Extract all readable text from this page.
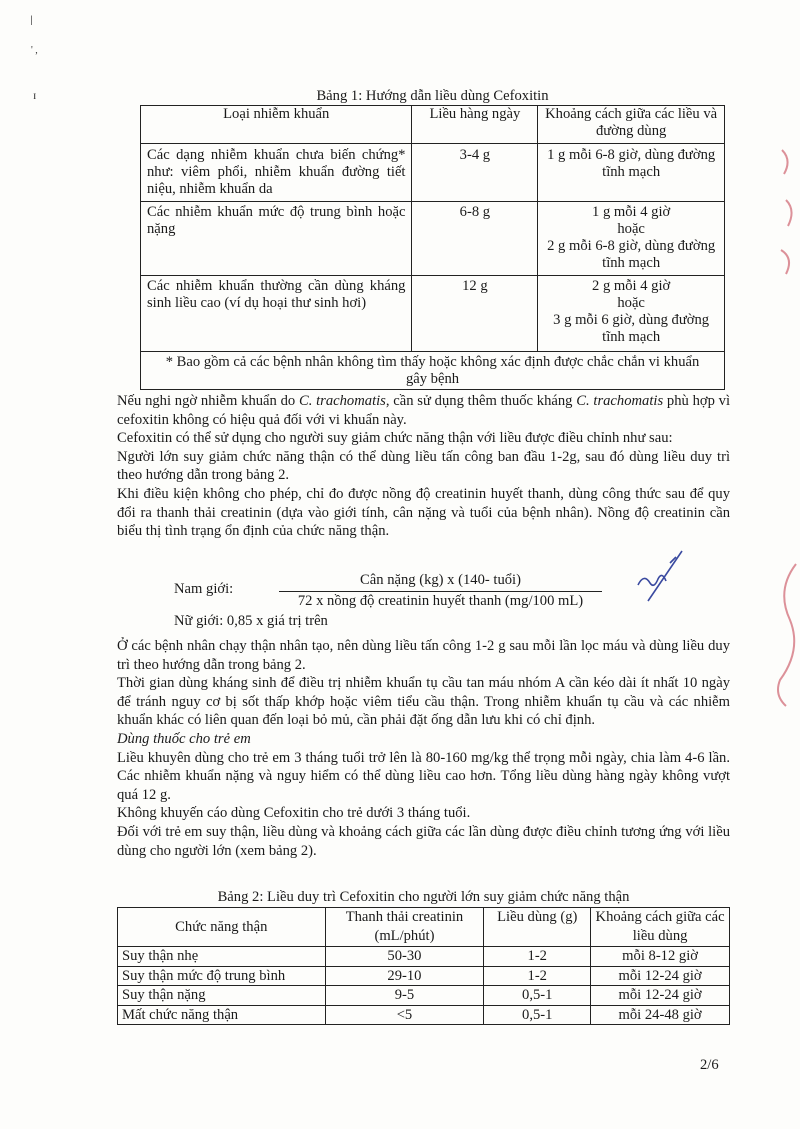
ǀ
' ,
ɪ	Bảng 1: Hướng dẫn liều dùng Cefoxitin
Loại nhiễm khuẩn	Liều hàng ngày	Khoảng cách giữa các liều và đường dùng
Các dạng nhiễm khuẩn chưa biến chứng* như: viêm phổi, nhiễm khuẩn đường tiết niệu, nhiễm khuẩn da	3-4 g	1 g mỗi 6-8 giờ, dùng đường tĩnh mạch
Các nhiễm khuẩn mức độ trung bình hoặc nặng	6-8 g	1 g mỗi 4 giờ
hoặc
2 g mỗi 6-8 giờ, dùng đường tĩnh mạch

Các nhiễm khuẩn thường cần dùng kháng sinh liều cao (ví dụ hoại thư sinh hơi)	12 g	2 g mỗi 4 giờ
hoặc
3 g mỗi 6 giờ, dùng đường tĩnh mạch

* Bao gồm cả các bệnh nhân không tìm thấy hoặc không xác định được chắc chắn vi khuẩn gây bệnh		

Nếu nghi ngờ nhiễm khuẩn do C. trachomatis, cần sử dụng thêm thuốc kháng C. trachomatis phù hợp vì cefoxitin không có hiệu quả đối với vi khuẩn này.

Cefoxitin có thể sử dụng cho người suy giảm chức năng thận với liều được điều chỉnh như sau:

Người lớn suy giảm chức năng thận có thể dùng liều tấn công ban đầu 1-2g, sau đó dùng liều duy trì theo hướng dẫn trong bảng 2.

Khi điều kiện không cho phép, chỉ đo được nồng độ creatinin huyết thanh, dùng công thức sau để quy đổi ra thanh thải creatinin (dựa vào giới tính, cân nặng và tuổi của bệnh nhân). Nồng độ creatinin cần biểu thị tình trạng ổn định của chức năng thận.

Nam giới:
Cân nặng (kg) x (140- tuổi)
72 x nồng độ creatinin huyết thanh (mg/100 mL)
Nữ giới: 0,85 x giá trị trên

Ở các bệnh nhân chạy thận nhân tạo, nên dùng liều tấn công 1-2 g sau mỗi lần lọc máu và dùng liều duy trì theo hướng dẫn trong bảng 2.

Thời gian dùng kháng sinh để điều trị nhiễm khuẩn tụ cầu tan máu nhóm A cần kéo dài ít nhất 10 ngày để tránh nguy cơ bị sốt thấp khớp hoặc viêm tiểu cầu thận. Trong nhiễm khuẩn tụ cầu và các nhiễm khuẩn khác có liên quan đến loại bỏ mủ, cần phải đặt ống dẫn lưu khi có chỉ định.

Dùng thuốc cho trẻ em

Liều khuyên dùng cho trẻ em 3 tháng tuổi trở lên là 80-160 mg/kg thể trọng mỗi ngày, chia làm 4-6 lần. Các nhiễm khuẩn nặng và nguy hiểm có thể dùng liều cao hơn. Tổng liều dùng hàng ngày không vượt quá 12 g.

Không khuyến cáo dùng Cefoxitin cho trẻ dưới 3 tháng tuổi.

Đối với trẻ em suy thận, liều dùng và khoảng cách giữa các lần dùng được điều chỉnh tương ứng với liều dùng cho người lớn (xem bảng 2).

Bảng 2: Liều duy trì Cefoxitin cho người lớn suy giảm chức năng thận
Chức năng thận	Thanh thải creatinin (mL/phút)	Liều dùng (g)	Khoảng cách giữa các liều dùng
Suy thận nhẹ	50-30	1-2	mỗi 8-12 giờ
Suy thận mức độ trung bình	29-10	1-2	mỗi 12-24 giờ
Suy thận nặng	9-5	0,5-1	mỗi 12-24 giờ
Mất chức năng thận	<5	0,5-1	mỗi 24-48 giờ
2/6
